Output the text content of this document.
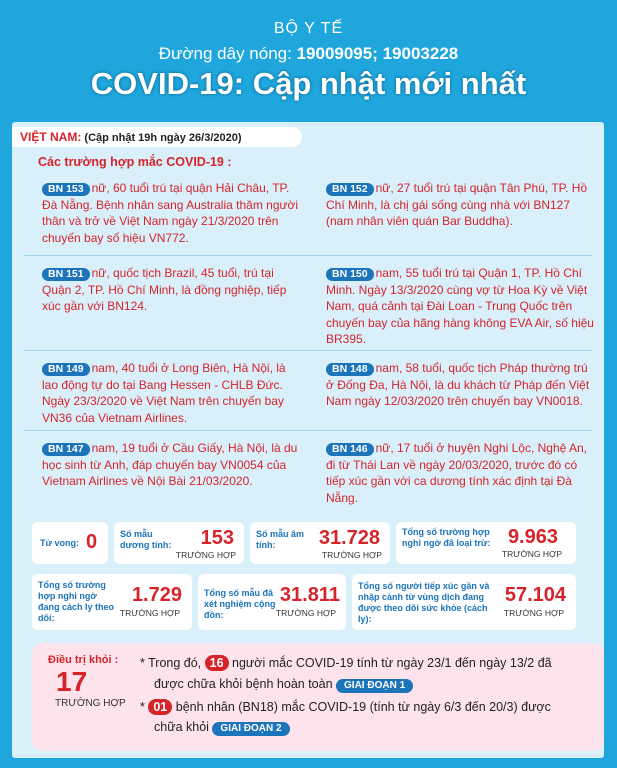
BỘ Y TẾ
Đường dây nóng: 19009095; 19003228
COVID-19: Cập nhật mới nhất
VIỆT NAM: (Cập nhật 19h ngày 26/3/2020)
Các trường hợp mắc COVID-19 :
BN 153 nữ, 60 tuổi trú tại quận Hải Châu, TP. Đà Nẵng. Bệnh nhân sang Australia thăm người thân và trở về Việt Nam ngày 21/3/2020 trên chuyến bay số hiệu VN772.
BN 152 nữ, 27 tuổi trú tại quận Tân Phú, TP. Hồ Chí Minh, là chị gái sống cùng nhà với BN127 (nam nhân viên quán Bar Buddha).
BN 151 nữ, quốc tịch Brazil, 45 tuổi, trú tại Quận 2, TP. Hồ Chí Minh, là đồng nghiệp, tiếp xúc gần với BN124.
BN 150 nam, 55 tuổi trú tại Quận 1, TP. Hồ Chí Minh. Ngày 13/3/2020 cùng vợ từ Hoa Kỳ về Việt Nam, quá cảnh tại Đài Loan - Trung Quốc trên chuyến bay của hãng hàng không EVA Air, số hiệu BR395.
BN 149 nam, 40 tuổi ở Long Biên, Hà Nội, là lao động tự do tại Bang Hessen - CHLB Đức. Ngày 23/3/2020 về Việt Nam trên chuyến bay VN36 của Vietnam Airlines.
BN 148 nam, 58 tuổi, quốc tịch Pháp thường trú ở Đống Đa, Hà Nội, là du khách từ Pháp đến Việt Nam ngày 12/03/2020 trên chuyến bay VN0018.
BN 147 nam, 19 tuổi ở Cầu Giấy, Hà Nội, là du học sinh từ Anh, đáp chuyến bay VN0054 của Vietnam Airlines về Nội Bài 21/03/2020.
BN 146 nữ, 17 tuổi ở huyện Nghi Lộc, Nghệ An, đi từ Thái Lan về ngày 20/03/2020, trước đó có tiếp xúc gần với ca dương tính xác định tại Đà Nẵng.
Tử vong: 0	Số mẫu dương tính:	153
TRƯỜNG HỢP
Số mẫu âm tính:	31.728
TRƯỜNG HỢP
Tổng số trường hợp nghi ngờ đã loại trừ: 9.963
TRƯỜNG HỢP
Tổng số trường hợp nghi ngờ đang cách ly theo dõi:
1.729
TRƯỜNG HỢP
Tổng số mẫu đã xét nghiệm cộng đồn:
31.811
TRƯỜNG HỢP
Tổng số người tiếp xúc gần và nhập cảnh từ vùng dịch đang được theo dõi sức khỏe (cách ly):
57.104
TRƯỜNG HỢP
Điều trị khỏi :
17
TRƯỜNG HỢP
* Trong đó, 16 người mắc COVID-19 tính từ ngày 23/1 đến ngày 13/2 đã
được chữa khỏi bệnh hoàn toàn GIAI ĐOẠN 1
* 01 bệnh nhân (BN18) mắc COVID-19 (tính từ ngày 6/3 đến 20/3) được
chữa khỏi GIAI ĐOẠN 2
